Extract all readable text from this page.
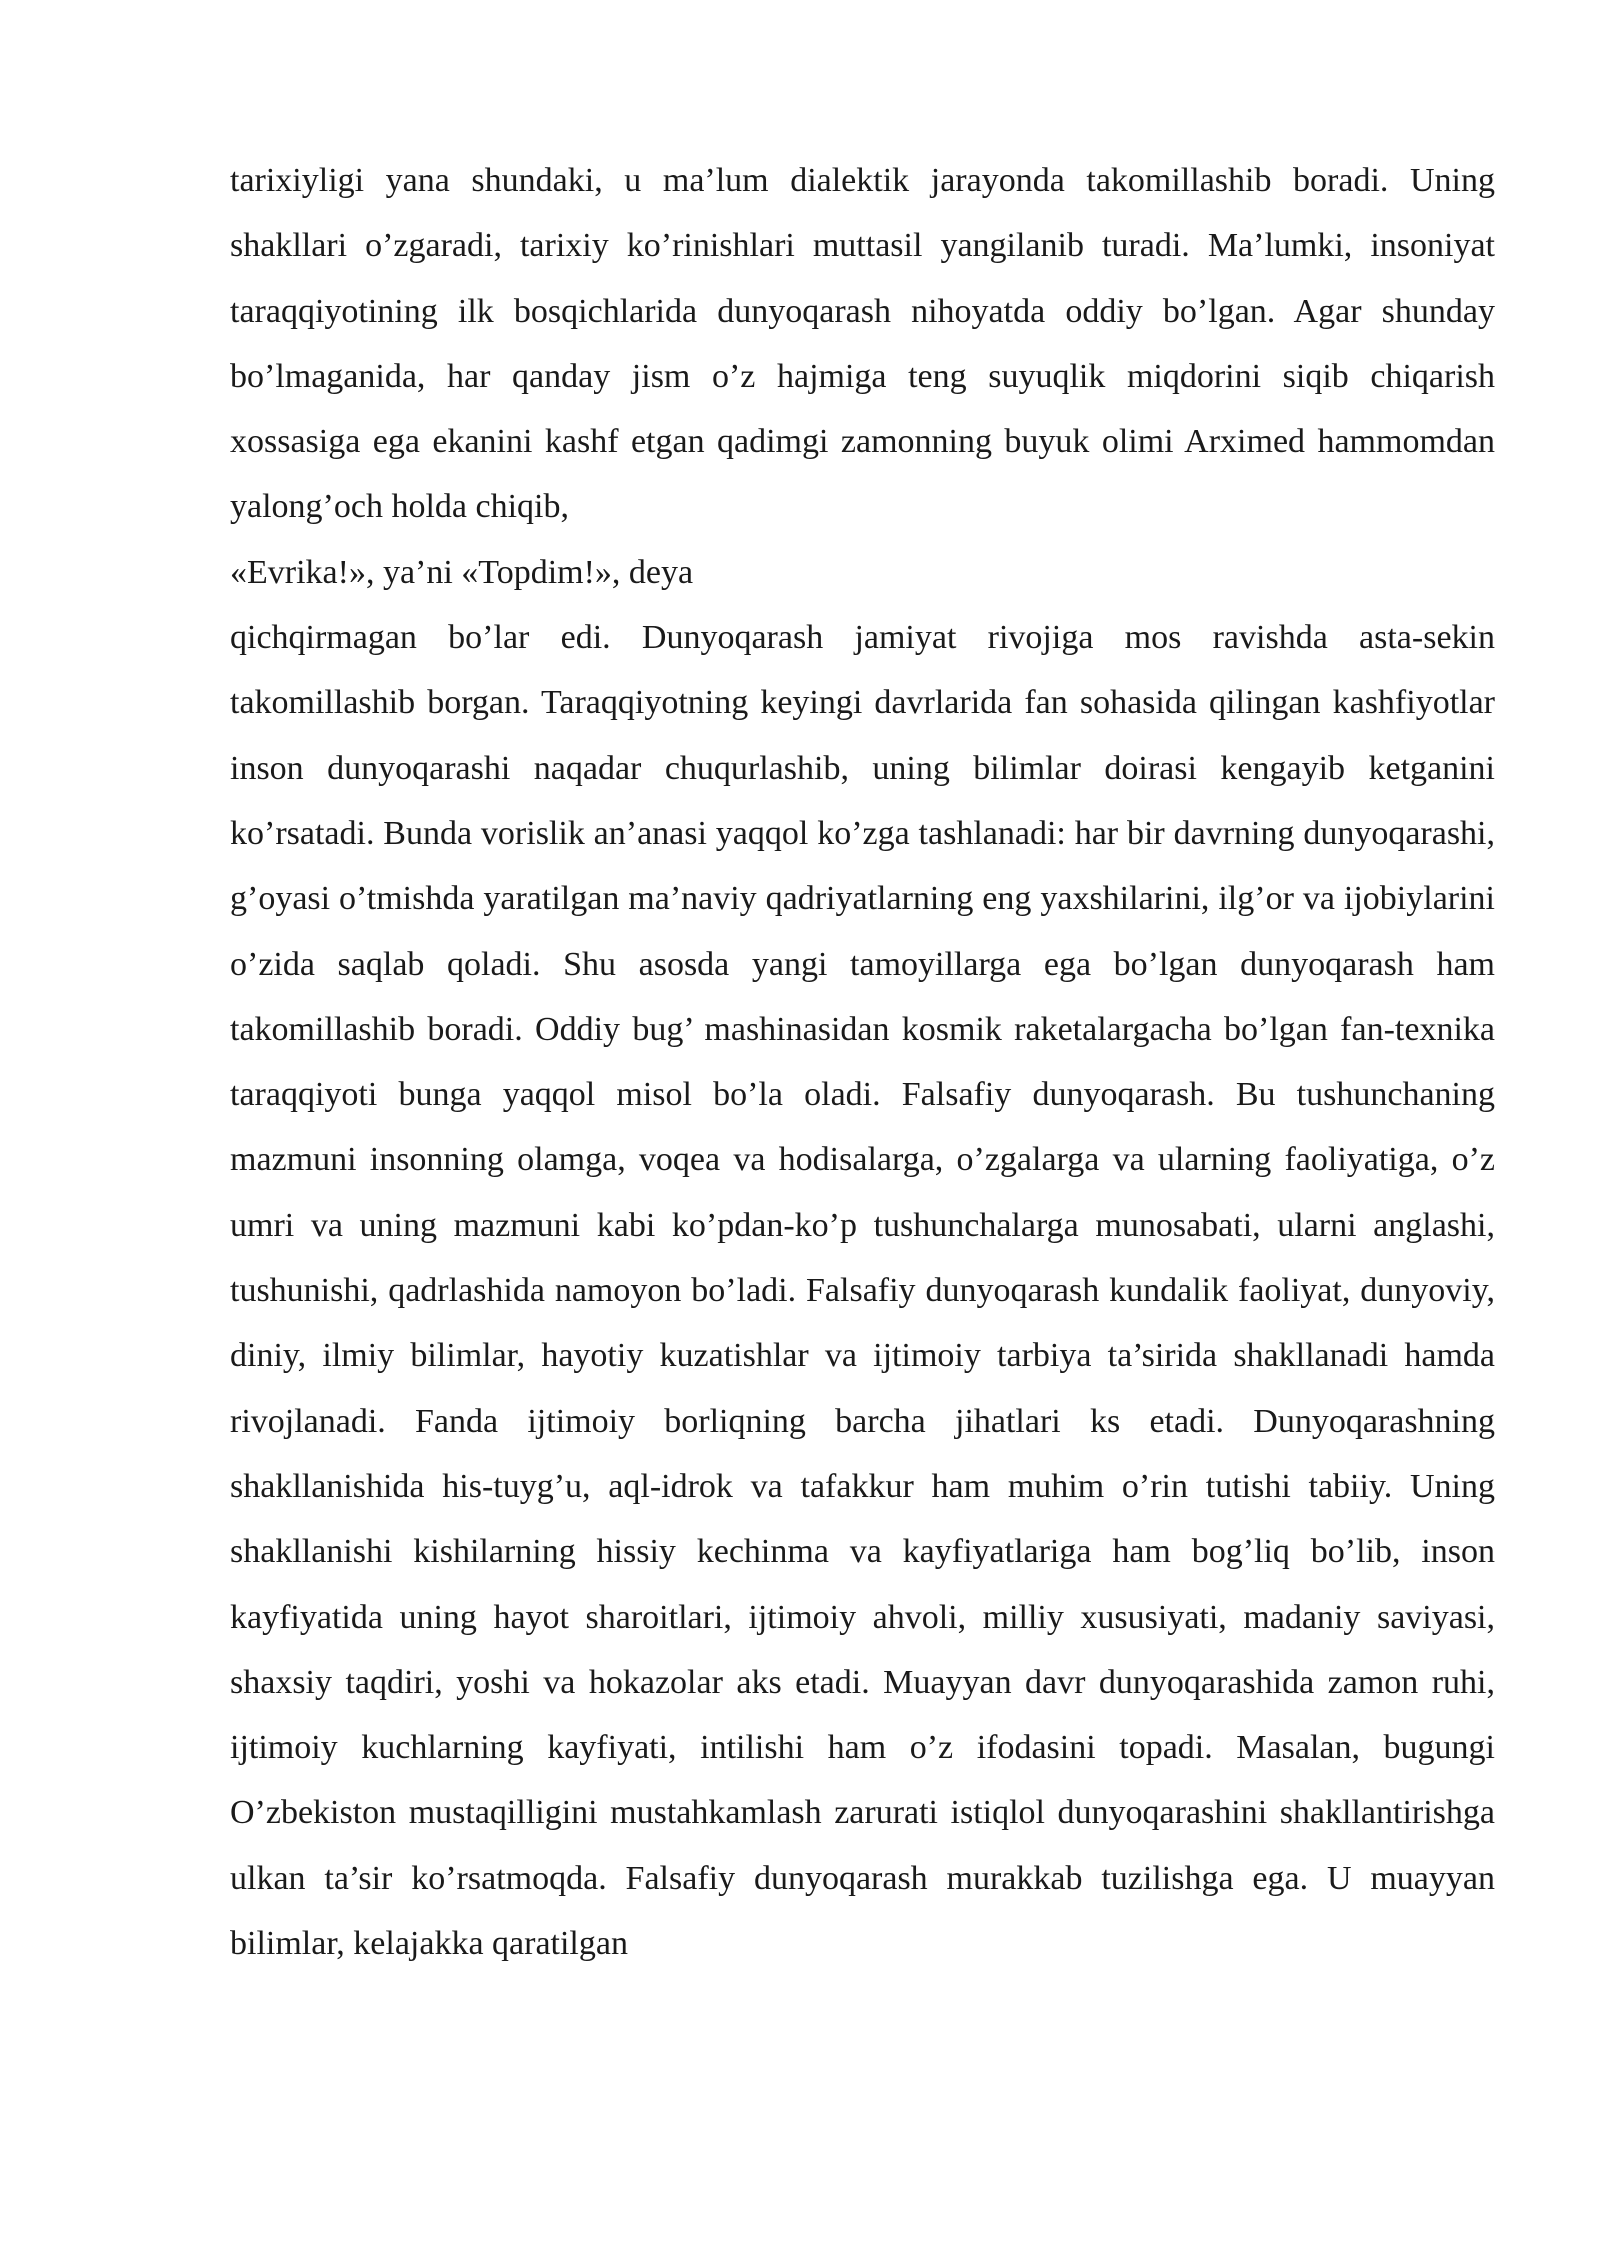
tarixiyligi yana shundaki, u ma’lum dialektik jarayonda takomillashib boradi. Uning shakllari o’zgaradi, tarixiy ko’rinishlari muttasil yangilanib turadi. Ma’lumki, insoniyat taraqqiyotining ilk bosqichlarida dunyoqarash nihoyatda oddiy bo’lgan. Agar shunday bo’lmaganida, har qanday jism o’z hajmiga teng suyuqlik miqdorini siqib chiqarish xossasiga ega ekanini kashf etgan qadimgi zamonning buyuk olimi Arximed hammomdan yalong’och holda chiqib,

«Evrika!», ya’ni «Topdim!», deya

qichqirmagan bo’lar edi. Dunyoqarash jamiyat rivojiga mos ravishda asta-sekin takomillashib borgan. Taraqqiyotning keyingi davrlarida fan sohasida qilingan kashfiyotlar inson dunyoqarashi naqadar chuqurlashib, uning bilimlar doirasi kengayib ketganini ko’rsatadi. Bunda vorislik an’anasi yaqqol ko’zga tashlanadi: har bir davrning dunyoqarashi, g’oyasi o’tmishda yaratilgan ma’naviy qadriyatlarning eng yaxshilarini, ilg’or va ijobiylarini o’zida saqlab qoladi. Shu asosda yangi tamoyillarga ega bo’lgan dunyoqarash ham takomillashib boradi. Oddiy bug’ mashinasidan kosmik raketalargacha bo’lgan fan-texnika taraqqiyoti bunga yaqqol misol bo’la oladi. Falsafiy dunyoqarash. Bu tushunchaning mazmuni insonning olamga, voqea va hodisalarga, o’zgalarga va ularning faoliyatiga, o’z umri va uning mazmuni kabi ko’pdan-ko’p tushunchalarga munosabati, ularni anglashi, tushunishi, qadrlashida namoyon bo’ladi. Falsafiy dunyoqarash kundalik faoliyat, dunyoviy, diniy, ilmiy bilimlar, hayotiy kuzatishlar va ijtimoiy tarbiya ta’sirida shakllanadi hamda rivojlanadi. Fanda ijtimoiy borliqning barcha jihatlari ks etadi. Dunyoqarashning shakllanishida his-tuyg’u, aql-idrok va tafakkur ham muhim o’rin tutishi tabiiy. Uning shakllanishi kishilarning hissiy kechinma va kayfiyatlariga ham bog’liq bo’lib, inson kayfiyatida uning hayot sharoitlari, ijtimoiy ahvoli, milliy xususiyati, madaniy saviyasi, shaxsiy taqdiri, yoshi va hokazolar aks etadi. Muayyan davr dunyoqarashida zamon ruhi, ijtimoiy kuchlarning kayfiyati, intilishi ham o’z ifodasini topadi. Masalan, bugungi O’zbekiston mustaqilligini mustahkamlash zarurati istiqlol dunyoqarashini shakllantirishga ulkan ta’sir ko’rsatmoqda. Falsafiy dunyoqarash murakkab tuzilishga ega. U muayyan bilimlar, kelajakka qaratilgan
